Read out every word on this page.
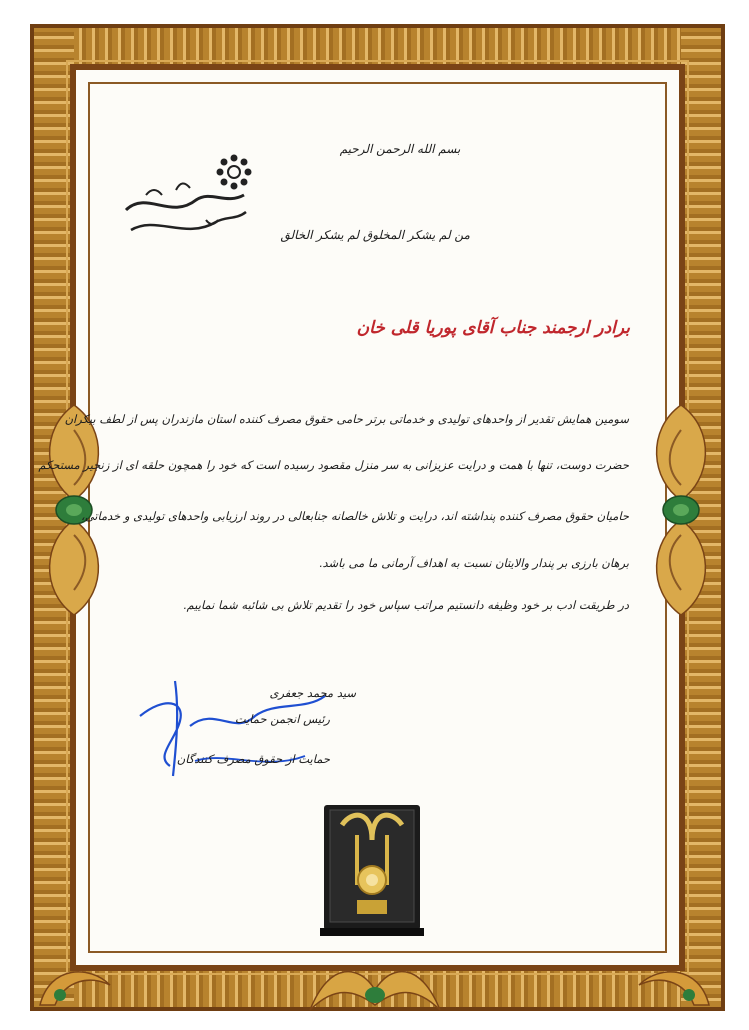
بسم الله الرحمن الرحیم
من لم یشکر المخلوق لم یشکر الخالق
برادر ارجمند جناب آقای پوریا قلی خان
سومین همایش تقدیر از واحدهای تولیدی و خدماتی برتر حامی حقوق مصرف کننده استان مازندران پس از لطف بیکران
حضرت دوست، تنها با همت و درایت عزیزانی به سر منزل مقصود رسیده است که خود را همچون حلقه ای از زنجیر مستحکم
حامیان حقوق مصرف کننده پنداشته اند، درایت و تلاش خالصانه جنابعالی در روند ارزیابی واحدهای تولیدی و خدماتی،
برهان بارزی بر پندار والایتان نسبت به اهداف آرمانی ما می باشد.
در طریقت ادب بر خود وظیفه دانستیم مراتب سپاس خود را تقدیم تلاش بی شائبه شما نماییم.
سید محمد جعفری
رئیس انجمن حمایت
حمایت از حقوق مصرف کنندگان
